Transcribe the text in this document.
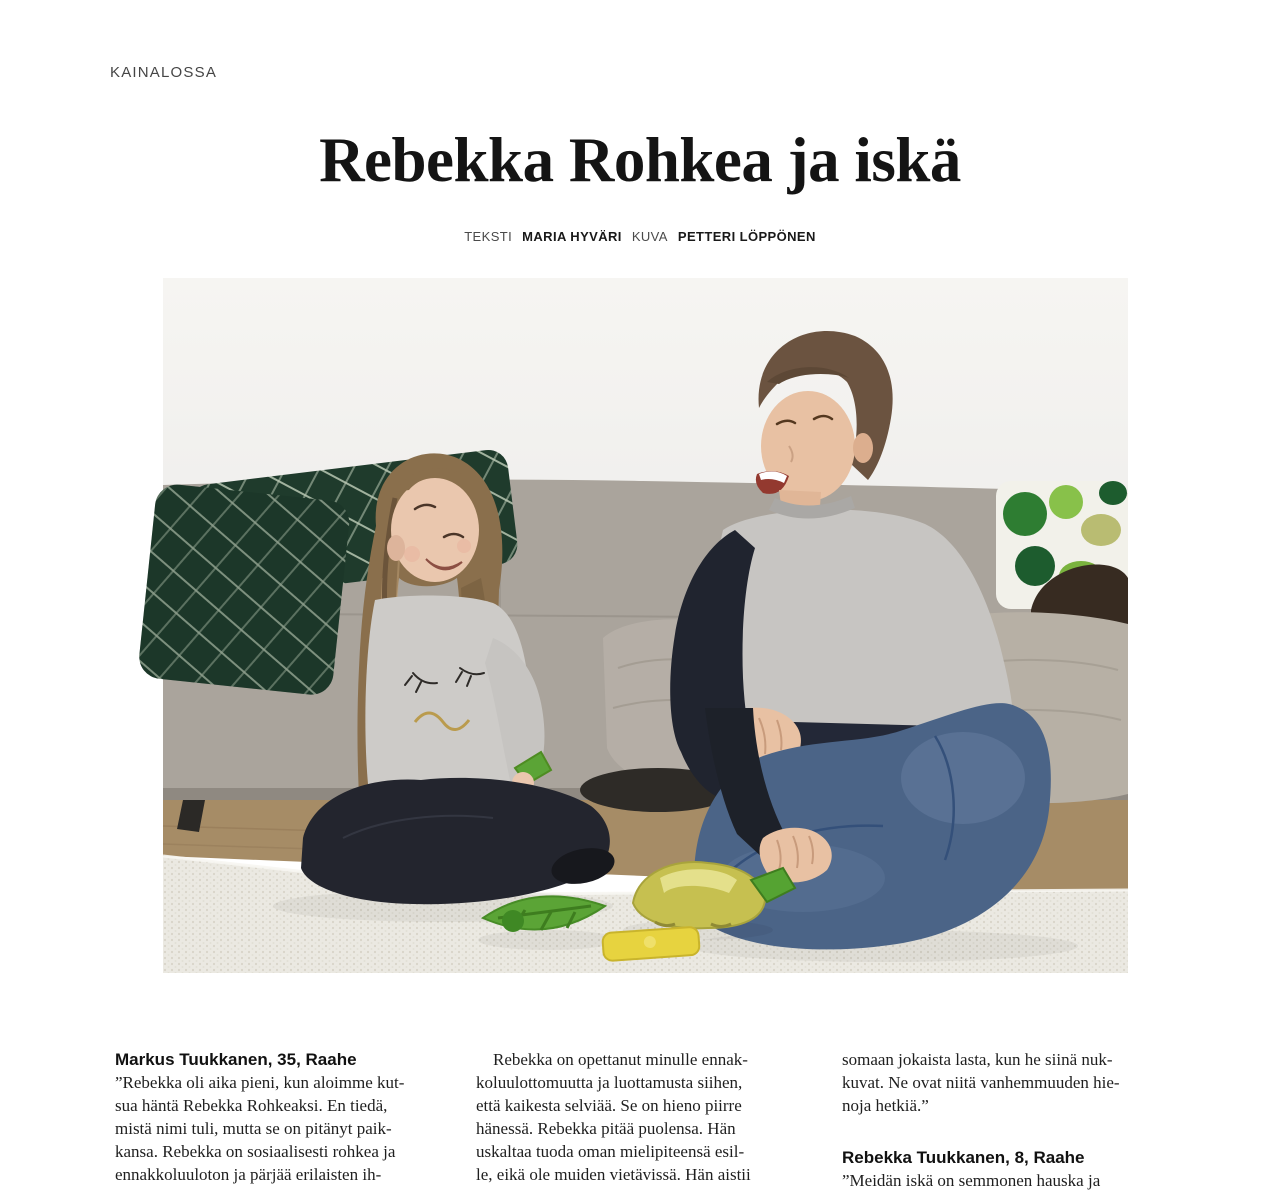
KAINALOSSA
Rebekka Rohkea ja iskä
TEKSTI MARIA HYVÄRI KUVA PETTERI LÖPPÖNEN
Markus Tuukkanen, 35, Raahe
”Rebekka oli aika pieni, kun aloimme kut-
sua häntä Rebekka Rohkeaksi. En tiedä,
mistä nimi tuli, mutta se on pitänyt paik-
kansa. Rebekka on sosiaalisesti rohkea ja
ennakkoluuloton ja pärjää erilaisten ih-
Rebekka on opettanut minulle ennak-
koluulottomuutta ja luottamusta siihen,
että kaikesta selviää. Se on hieno piirre
hänessä. Rebekka pitää puolensa. Hän
uskaltaa tuoda oman mielipiteensä esil-
le, eikä ole muiden vietävissä. Hän aistii
somaan jokaista lasta, kun he siinä nuk-
kuvat. Ne ovat niitä vanhemmuuden hie-
noja hetkiä.”
Rebekka Tuukkanen, 8, Raahe
”Meidän iskä on semmonen hauska ja
